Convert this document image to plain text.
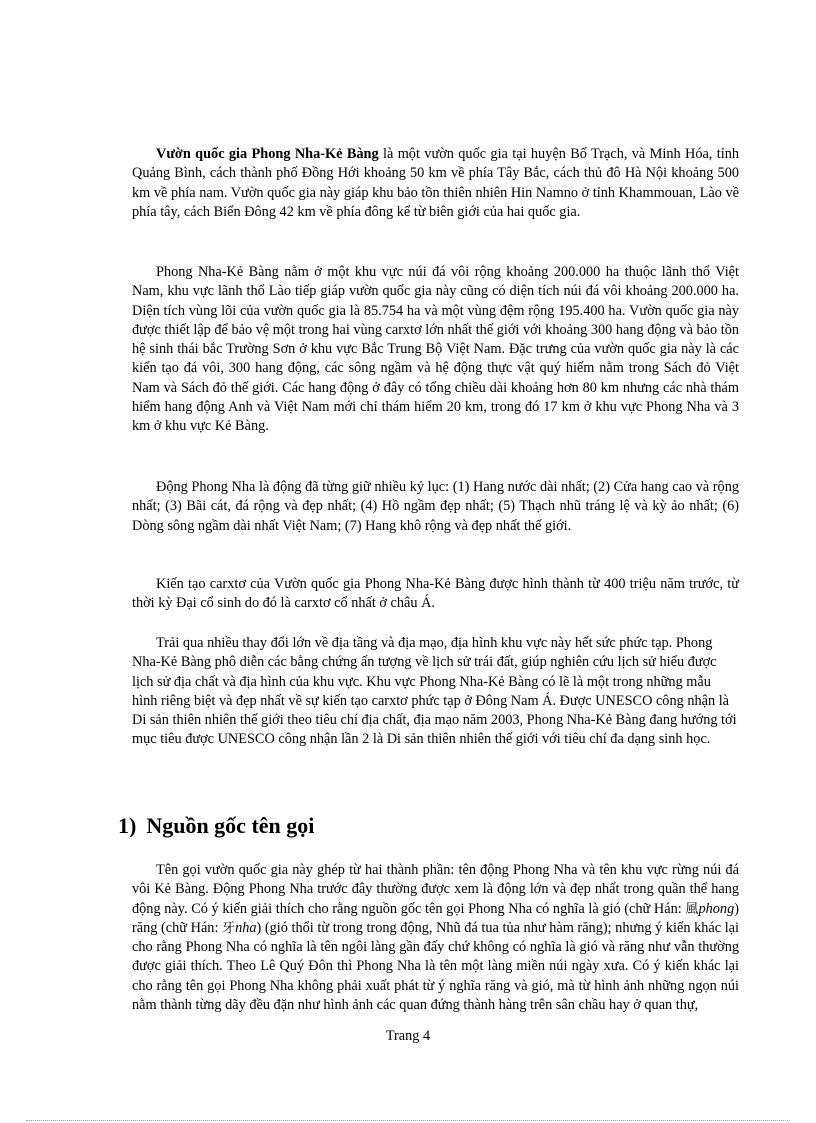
Vườn quốc gia Phong Nha-Kẻ Bàng là một vườn quốc gia tại huyện Bố Trạch, và Minh Hóa, tỉnh Quảng Bình, cách thành phố Đồng Hới khoảng 50 km về phía Tây Bắc, cách thủ đô Hà Nội khoảng 500 km về phía nam. Vườn quốc gia này giáp khu bảo tồn thiên nhiên Hin Namno ở tỉnh Khammouan, Lào về phía tây, cách Biển Đông 42 km về phía đông kể từ biên giới của hai quốc gia.

Phong Nha-Kẻ Bàng nằm ở một khu vực núi đá vôi rộng khoảng 200.000 ha thuộc lãnh thổ Việt Nam, khu vực lãnh thổ Lào tiếp giáp vườn quốc gia này cũng có diện tích núi đá vôi khoảng 200.000 ha. Diện tích vùng lõi của vườn quốc gia là 85.754 ha và một vùng đệm rộng 195.400 ha. Vườn quốc gia này được thiết lập để bảo vệ một trong hai vùng carxtơ lớn nhất thế giới với khoảng 300 hang động và bảo tồn hệ sinh thái bắc Trường Sơn ở khu vực Bắc Trung Bộ Việt Nam. Đặc trưng của vườn quốc gia này là các kiến tạo đá vôi, 300 hang động, các sông ngầm và hệ động thực vật quý hiếm nằm trong Sách đỏ Việt Nam và Sách đỏ thế giới. Các hang động ở đây có tổng chiều dài khoảng hơn 80 km nhưng các nhà thám hiểm hang động Anh và Việt Nam mới chỉ thám hiểm 20 km, trong đó 17 km ở khu vực Phong Nha và 3 km ở khu vực Kẻ Bàng.

Động Phong Nha là động đã từng giữ nhiều kỷ lục: (1) Hang nước dài nhất; (2) Cửa hang cao và rộng nhất; (3) Bãi cát, đá rộng và đẹp nhất; (4) Hồ ngầm đẹp nhất; (5) Thạch nhũ tráng lệ và kỳ ảo nhất; (6) Dòng sông ngầm dài nhất Việt Nam; (7) Hang khô rộng và đẹp nhất thế giới.

Kiến tạo carxtơ của Vườn quốc gia Phong Nha-Kẻ Bàng được hình thành từ 400 triệu năm trước, từ thời kỳ Đại cổ sinh do đó là carxtơ cổ nhất ở châu Á.

Trải qua nhiều thay đổi lớn về địa tầng và địa mạo, địa hình khu vực này hết sức phức tạp. Phong Nha-Kẻ Bàng phô diễn các bằng chứng ấn tượng về lịch sử trái đất, giúp nghiên cứu lịch sử hiểu được lịch sử địa chất và địa hình của khu vực. Khu vực Phong Nha-Kẻ Bàng có lẽ là một trong những mẫu hình riêng biệt và đẹp nhất về sự kiến tạo carxtơ phức tạp ở Đông Nam Á. Được UNESCO công nhận là Di sản thiên nhiên thế giới theo tiêu chí địa chất, địa mạo năm 2003, Phong Nha-Kẻ Bàng đang hướng tới mục tiêu được UNESCO công nhận lần 2 là Di sản thiên nhiên thế giới với tiêu chí đa dạng sinh học.

1) Nguồn gốc tên gọi

Tên gọi vườn quốc gia này ghép từ hai thành phần: tên động Phong Nha và tên khu vực rừng núi đá vôi Kẻ Bàng. Động Phong Nha trước đây thường được xem là động lớn và đẹp nhất trong quần thể hang động này. Có ý kiến giải thích cho rằng nguồn gốc tên gọi Phong Nha có nghĩa là gió (chữ Hán: 風phong) răng (chữ Hán: 牙nha) (gió thổi từ trong trong động, Nhũ đá tua tủa như hàm răng); nhưng ý kiến khác lại cho rằng Phong Nha có nghĩa là tên ngôi làng gần đấy chứ không có nghĩa là gió và răng như vẫn thường được giải thích. Theo Lê Quý Đôn thì Phong Nha là tên một làng miền núi ngày xưa. Có ý kiến khác lại cho rằng tên gọi Phong Nha không phải xuất phát từ ý nghĩa răng và gió, mà từ hình ảnh những ngọn núi nằm thành từng dãy đều đặn như hình ảnh các quan đứng thành hàng trên sân chầu hay ở quan thự,

Trang 4
